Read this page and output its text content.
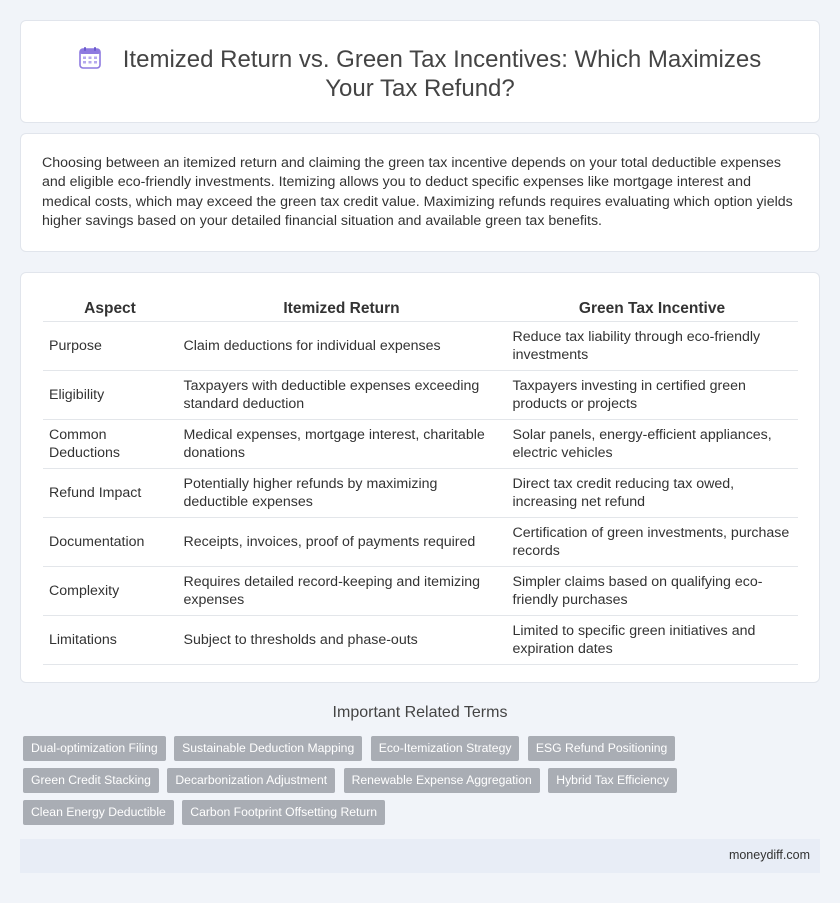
Itemized Return vs. Green Tax Incentives: Which Maximizes Your Tax Refund?

Choosing between an itemized return and claiming the green tax incentive depends on your total deductible expenses and eligible eco-friendly investments. Itemizing allows you to deduct specific expenses like mortgage interest and medical costs, which may exceed the green tax credit value. Maximizing refunds requires evaluating which option yields higher savings based on your detailed financial situation and available green tax benefits.

Aspect	Itemized Return	Green Tax Incentive
Purpose	Claim deductions for individual expenses	Reduce tax liability through eco-friendly investments
Eligibility	Taxpayers with deductible expenses exceeding standard deduction	Taxpayers investing in certified green products or projects
Common Deductions	Medical expenses, mortgage interest, charitable donations	Solar panels, energy-efficient appliances, electric vehicles
Refund Impact	Potentially higher refunds by maximizing deductible expenses	Direct tax credit reducing tax owed, increasing net refund
Documentation	Receipts, invoices, proof of payments required	Certification of green investments, purchase records
Complexity	Requires detailed record-keeping and itemizing expenses	Simpler claims based on qualifying eco-friendly purchases
Limitations	Subject to thresholds and phase-outs	Limited to specific green initiatives and expiration dates
Important Related Terms
Dual-optimization Filing Sustainable Deduction Mapping Eco-Itemization Strategy ESG Refund Positioning Green Credit Stacking Decarbonization Adjustment Renewable Expense Aggregation Hybrid Tax Efficiency Clean Energy Deductible Carbon Footprint Offsetting Return
moneydiff.com
